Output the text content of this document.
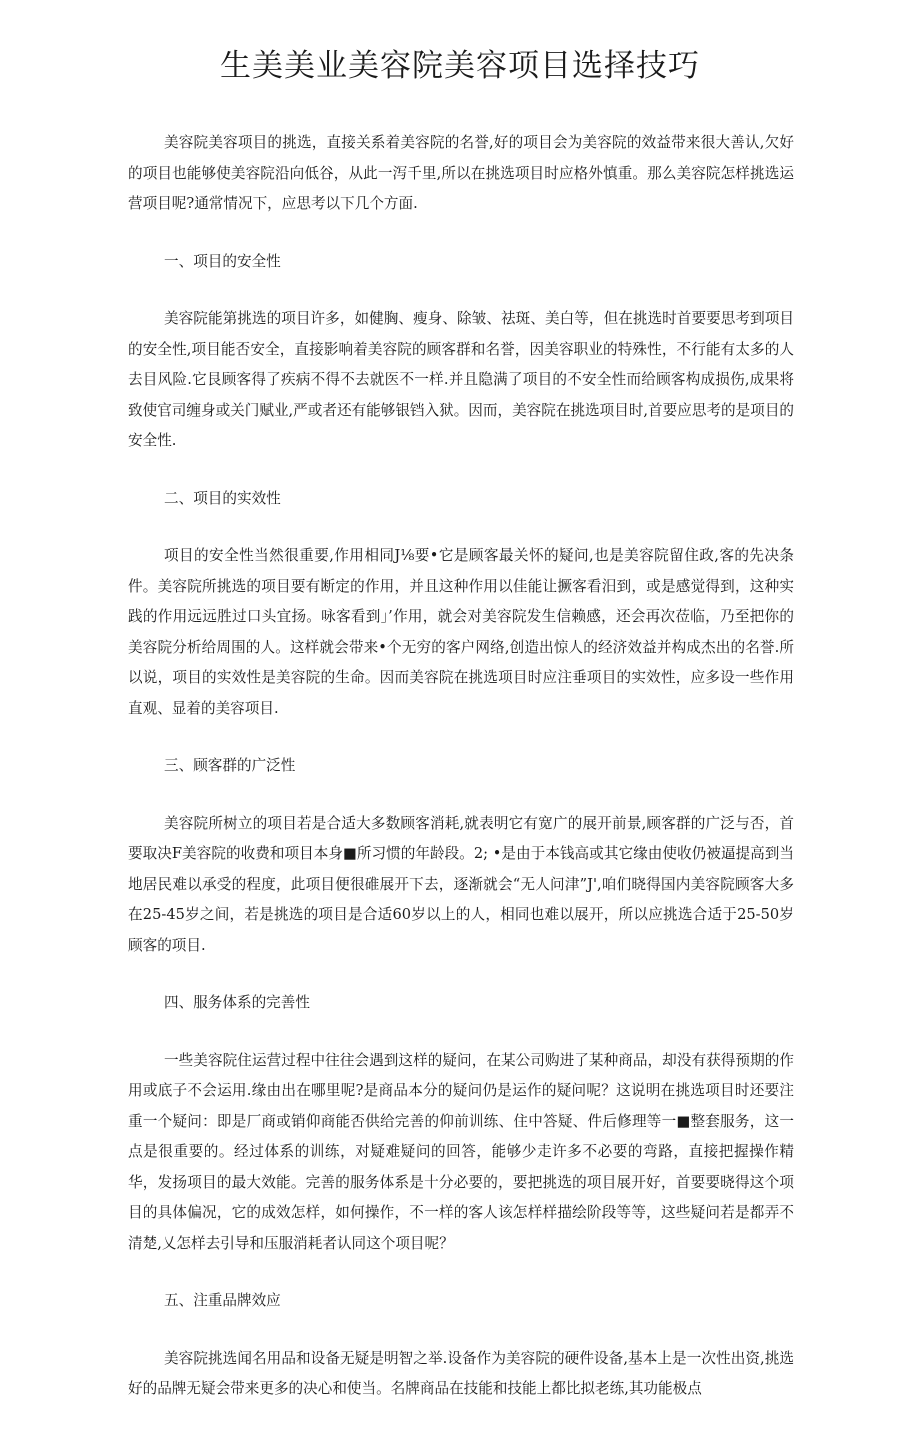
生美美业美容院美容项目选择技巧

美容院美容项目的挑选，直接关系着美容院的名誉,好的项目会为美容院的效益带来很大善认,欠好的项目也能够使美容院沿向低谷，从此一泻千里,所以在挑选项目时应格外慎重。那么美容院怎样挑选运营项目呢?通常情况下，应思考以下几个方面.

一、项目的安全性

美容院能第挑选的项目许多，如健胸、瘦身、除皱、祛斑、美白等，但在挑选时首要要思考到项目的安全性,项目能否安全，直接影响着美容院的顾客群和名誉，因美容职业的特殊性，不行能有太多的人去目风险.它艮顾客得了疾病不得不去就医不一样.并且隐满了项目的不安全性而给顾客构成损伤,成果将致使官司缠身或关门赋业,严或者还有能够银铛入狱。因而，美容院在挑选项目时,首要应思考的是项目的安全性.

二、项目的实效性

项目的安全性当然很重要,作用相同J⅛要•它是顾客最关怀的疑问,也是美容院留住政,客的先决条件。美容院所挑选的项目要有断定的作用，并且这种作用以佳能让撅客看汨到，或是感觉得到，这种实践的作用远远胜过口头宜扬。咏客看到」’作用，就会对美容院发生信赖感，还会再次莅临，乃至把你的美容院分析给周围的人。这样就会带来•个无穷的客户网络,创造出惊人的经济效益并构成杰出的名誉.所以说，项目的实效性是美容院的生命。因而美容院在挑选项目时应注垂项目的实效性，应多设一些作用直观、显着的美容项目.

三、顾客群的广泛性

美容院所树立的项目若是合适大多数顾客消耗,就表明它有宽广的展开前景,顾客群的广泛与否，首要取决F美容院的收费和项目本身■所习惯的年龄段。2; •是由于本钱高或其它缘由使收仍被逼提高到当地居民难以承受的程度，此项目便很碓展开下去，逐渐就会“无人问津”J',咱们晓得国内美容院顾客大多在25-45岁之间，若是挑选的项目是合适60岁以上的人，相同也难以展开，所以应挑选合适于25-50岁顾客的项目.

四、服务体系的完善性

一些美容院住运营过程中往往会遇到这样的疑问，在某公司购进了某种商品，却没有获得预期的作用或底子不会运用.缘由出在哪里呢?是商品本分的疑问仍是运作的疑问呢？这说明在挑选项目时还要注重一个疑问：即是厂商或销仰商能否供给完善的仰前训练、住中答疑、件后修理等一■整套服务，这一点是很重要的。经过体系的训练，对疑难疑问的回答，能够少走许多不必要的弯路，直接把握操作精华，发扬项目的最大效能。完善的服务体系是十分必要的，要把挑选的项目展开好，首要要晓得这个项目的具体偏况，它的成效怎样，如何操作，不一样的客人该怎样样描绘阶段等等，这些疑问若是都弄不清楚,乂怎样去引导和压服消耗者认同这个项目呢？

五、注重品牌效应

美容院挑选闻名用品和设备无疑是明智之举.设备作为美容院的硬件设备,基本上是一次性出资,挑选好的品牌无疑会带来更多的决心和使当。名牌商品在技能和技能上都比拟老练,其功能极点
